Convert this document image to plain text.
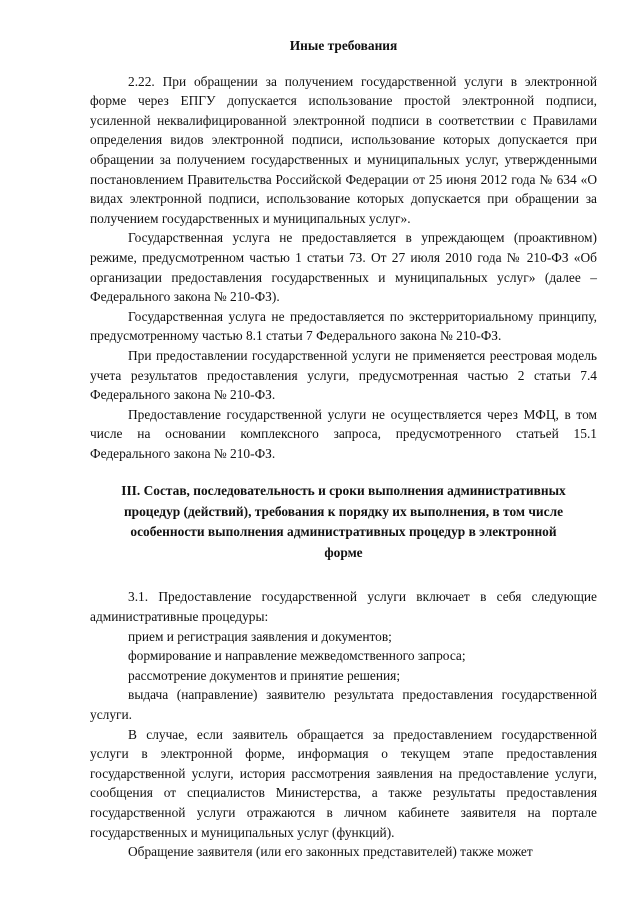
Иные требования

2.22. При обращении за получением государственной услуги в электронной форме через ЕПГУ допускается использование простой электронной подписи, усиленной неквалифицированной электронной подписи в соответствии с Правилами определения видов электронной подписи, использование которых допускается при обращении за получением государственных и муниципальных услуг, утвержденными постановлением Правительства Российской Федерации от 25 июня 2012 года № 634 «О видах электронной подписи, использование которых допускается при обращении за получением государственных и муниципальных услуг».

Государственная услуга не предоставляется в упреждающем (проактивном) режиме, предусмотренном частью 1 статьи 7З. От 27 июля 2010 года № 210-ФЗ «Об организации предоставления государственных и муниципальных услуг» (далее – Федерального закона № 210-ФЗ).

Государственная услуга не предоставляется по экстерриториальному принципу, предусмотренному частью 8.1 статьи 7 Федерального закона № 210-ФЗ.

При предоставлении государственной услуги не применяется реестровая модель учета результатов предоставления услуги, предусмотренная частью 2 статьи 7.4 Федерального закона № 210-ФЗ.

Предоставление государственной услуги не осуществляется через МФЦ, в том числе на основании комплексного запроса, предусмотренного статьей 15.1 Федерального закона № 210-ФЗ.

III. Состав, последовательность и сроки выполнения административных процедур (действий), требования к порядку их выполнения, в том числе особенности выполнения административных процедур в электронной форме

3.1. Предоставление государственной услуги включает в себя следующие административные процедуры:

прием и регистрация заявления и документов;
формирование и направление межведомственного запроса;
рассмотрение документов и принятие решения;

выдача (направление) заявителю результата предоставления государственной услуги.

В случае, если заявитель обращается за предоставлением государственной услуги в электронной форме, информация о текущем этапе предоставления государственной услуги, история рассмотрения заявления на предоставление услуги, сообщения от специалистов Министерства, а также результаты предоставления государственной услуги отражаются в личном кабинете заявителя на портале государственных и муниципальных услуг (функций).

Обращение заявителя (или его законных представителей) также может
